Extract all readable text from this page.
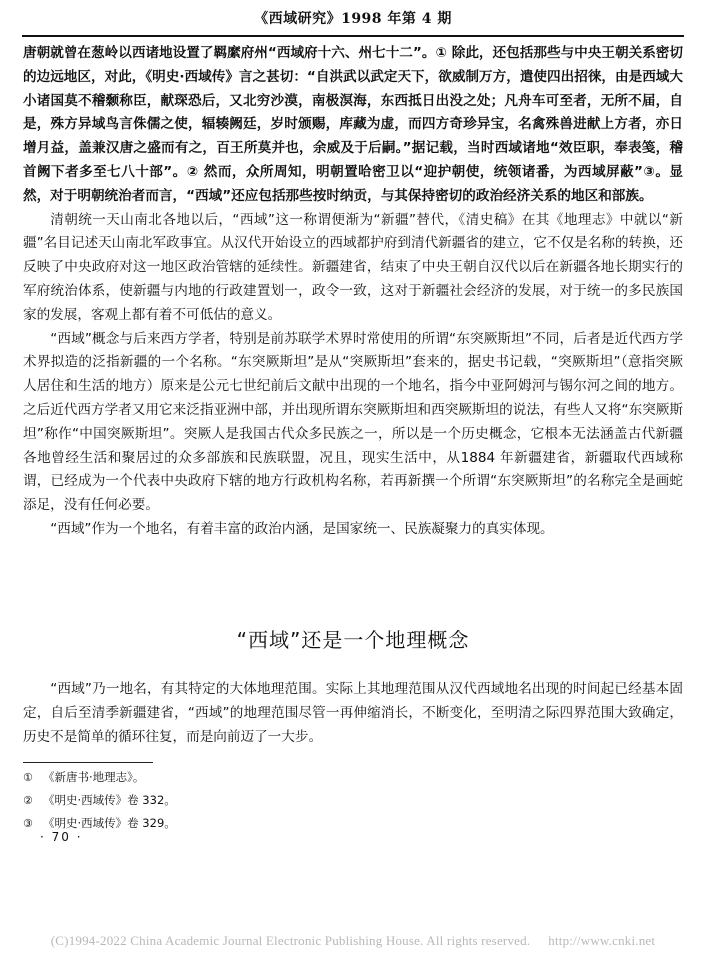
《西域研究》1998 年第 4 期

唐朝就曾在葱岭以西诸地设置了羁縻府州“西域府十六、州七十二”。① 除此，还包括那些与中央王朝关系密切的边远地区，对此，《明史·西域传》言之甚切：“自洪武以武定天下，欲威制万方，遣使四出招徕，由是西域大小诸国莫不稽颡称臣，献琛恐后，又北穷沙漠，南极溟海，东西抵日出没之处；凡舟车可至者，无所不届，自是，殊方异域鸟言侏儒之使，辐辏阙廷，岁时颁赐，库藏为虚，而四方奇珍异宝，名禽殊兽进献上方者，亦日增月益，盖兼汉唐之盛而有之，百王所莫并也，余威及于后嗣。”据记载，当时西域诸地“效臣职，奉表笺，稽首阙下者多至七八十部”。② 然而，众所周知，明朝置哈密卫以“迎护朝使，统领诸番，为西域屏蔽”③。显然，对于明朝统治者而言，“西域”还应包括那些按时纳贡，与其保持密切的政治经济关系的地区和部族。

清朝统一天山南北各地以后，“西域”这一称谓便渐为“新疆”替代，《清史稿》在其《地理志》中就以“新疆”名目记述天山南北军政事宜。从汉代开始设立的西域都护府到清代新疆省的建立，它不仅是名称的转换，还反映了中央政府对这一地区政治管辖的延续性。新疆建省，结束了中央王朝自汉代以后在新疆各地长期实行的军府统治体系，使新疆与内地的行政建置划一，政令一致，这对于新疆社会经济的发展，对于统一的多民族国家的发展，客观上都有着不可低估的意义。

“西域”概念与后来西方学者，特别是前苏联学术界时常使用的所谓“东突厥斯坦”不同，后者是近代西方学术界拟造的泛指新疆的一个名称。“东突厥斯坦”是从“突厥斯坦”套来的，据史书记载，“突厥斯坦”（意指突厥人居住和生活的地方）原来是公元七世纪前后文献中出现的一个地名，指今中亚阿姆河与锡尔河之间的地方。之后近代西方学者又用它来泛指亚洲中部，并出现所谓东突厥斯坦和西突厥斯坦的说法，有些人又将“东突厥斯坦”称作“中国突厥斯坦”。突厥人是我国古代众多民族之一，所以是一个历史概念，它根本无法涵盖古代新疆各地曾经生活和聚居过的众多部族和民族联盟，况且，现实生活中，从1884 年新疆建省，新疆取代西域称谓，已经成为一个代表中央政府下辖的地方行政机构名称，若再新撰一个所谓“东突厥斯坦”的名称完全是画蛇添足，没有任何必要。

“西域”作为一个地名，有着丰富的政治内涵，是国家统一、民族凝聚力的真实体现。

“西域”还是一个地理概念

“西域”乃一地名，有其特定的大体地理范围。实际上其地理范围从汉代西域地名出现的时间起已经基本固定，自后至清季新疆建省，“西域”的地理范围尽管一再伸缩消长，不断变化，至明清之际四界范围大致确定，历史不是简单的循环往复，而是向前迈了一大步。

① 《新唐书·地理志》。
② 《明史·西域传》卷 332。
③ 《明史·西域传》卷 329。
· 70 ·
(C)1994-2022 China Academic Journal Electronic Publishing House. All rights reserved. http://www.cnki.net
